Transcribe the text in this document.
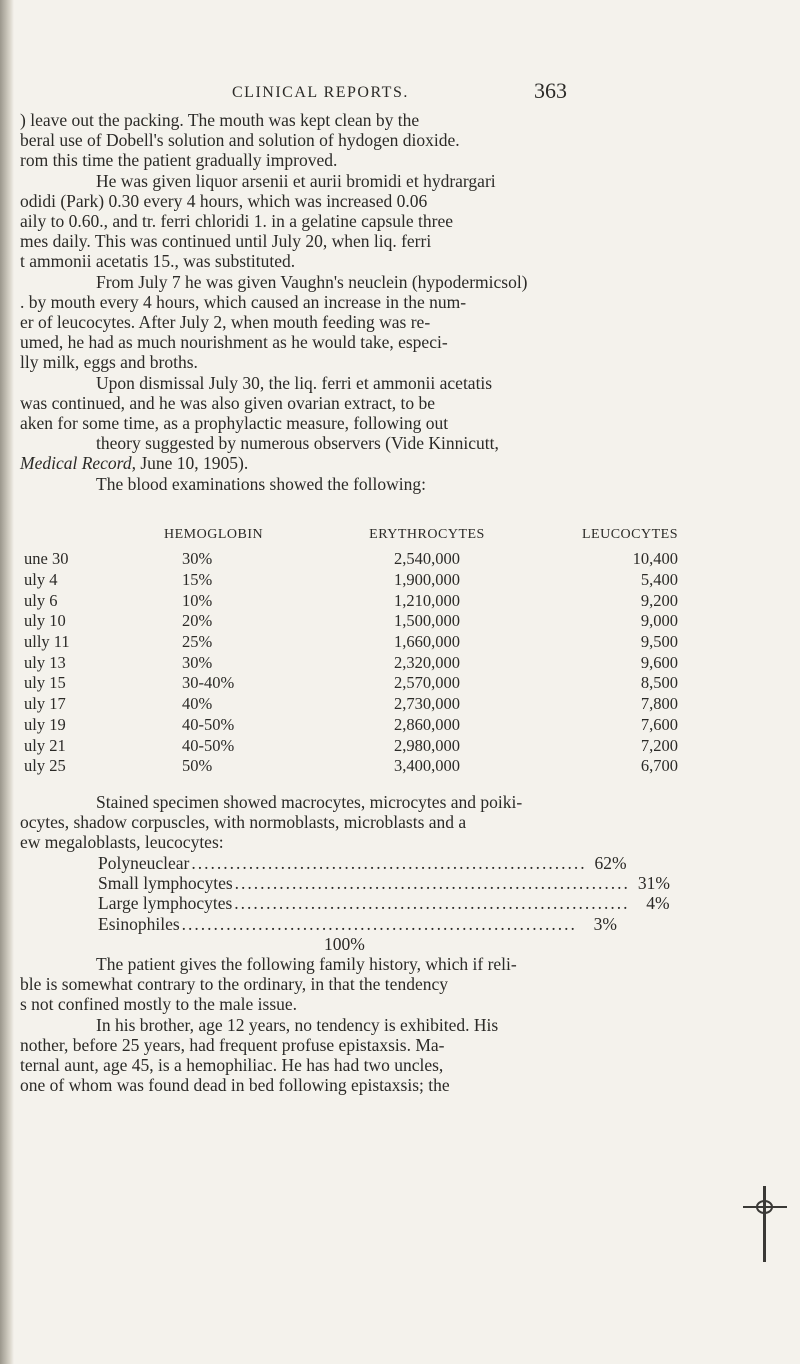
CLINICAL REPORTS.	363
) leave out the packing. The mouth was kept clean by the
beral use of Dobell's solution and solution of hydogen dioxide.
rom this time the patient gradually improved.
He was given liquor arsenii et aurii bromidi et hydrargari
odidi (Park) 0.30 every 4 hours, which was increased 0.06
aily to 0.60., and tr. ferri chloridi 1. in a gelatine capsule three
mes daily. This was continued until July 20, when liq. ferri
t ammonii acetatis 15., was substituted.
From July 7 he was given Vaughn's neuclein (hypodermicsol)
. by mouth every 4 hours, which caused an increase in the num-
er of leucocytes. After July 2, when mouth feeding was re-
umed, he had as much nourishment as he would take, especi-
lly milk, eggs and broths.
Upon dismissal July 30, the liq. ferri et ammonii acetatis
was continued, and he was also given ovarian extract, to be
aken for some time, as a prophylactic measure, following out
theory suggested by numerous observers (Vide Kinnicutt,
Medical Record, June 10, 1905).
The blood examinations showed the following:
	HEMOGLOBIN	ERYTHROCYTES	LEUCOCYTES
une 30	30%	2,540,000	10,400
uly 4	15%	1,900,000	5,400
uly 6	10%	1,210,000	9,200
uly 10	20%	1,500,000	9,000
ully 11	25%	1,660,000	9,500
uly 13	30%	2,320,000	9,600
uly 15	30-40%	2,570,000	8,500
uly 17	40%	2,730,000	7,800
uly 19	40-50%	2,860,000	7,600
uly 21	40-50%	2,980,000	7,200
uly 25	50%	3,400,000	6,700
Stained specimen showed macrocytes, microcytes and poiki-
ocytes, shadow corpuscles, with normoblasts, microblasts and a
ew megaloblasts, leucocytes:
Polyneuclear .............................................................. 62%
Small lymphocytes .............................................................. 31%
Large lymphocytes .............................................................. 4%
Esinophiles .............................................................. 3%
100%
The patient gives the following family history, which if reli-
ble is somewhat contrary to the ordinary, in that the tendency
s not confined mostly to the male issue.
In his brother, age 12 years, no tendency is exhibited. His
nother, before 25 years, had frequent profuse epistaxsis. Ma-
ternal aunt, age 45, is a hemophiliac. He has had two uncles,
one of whom was found dead in bed following epistaxsis; the
